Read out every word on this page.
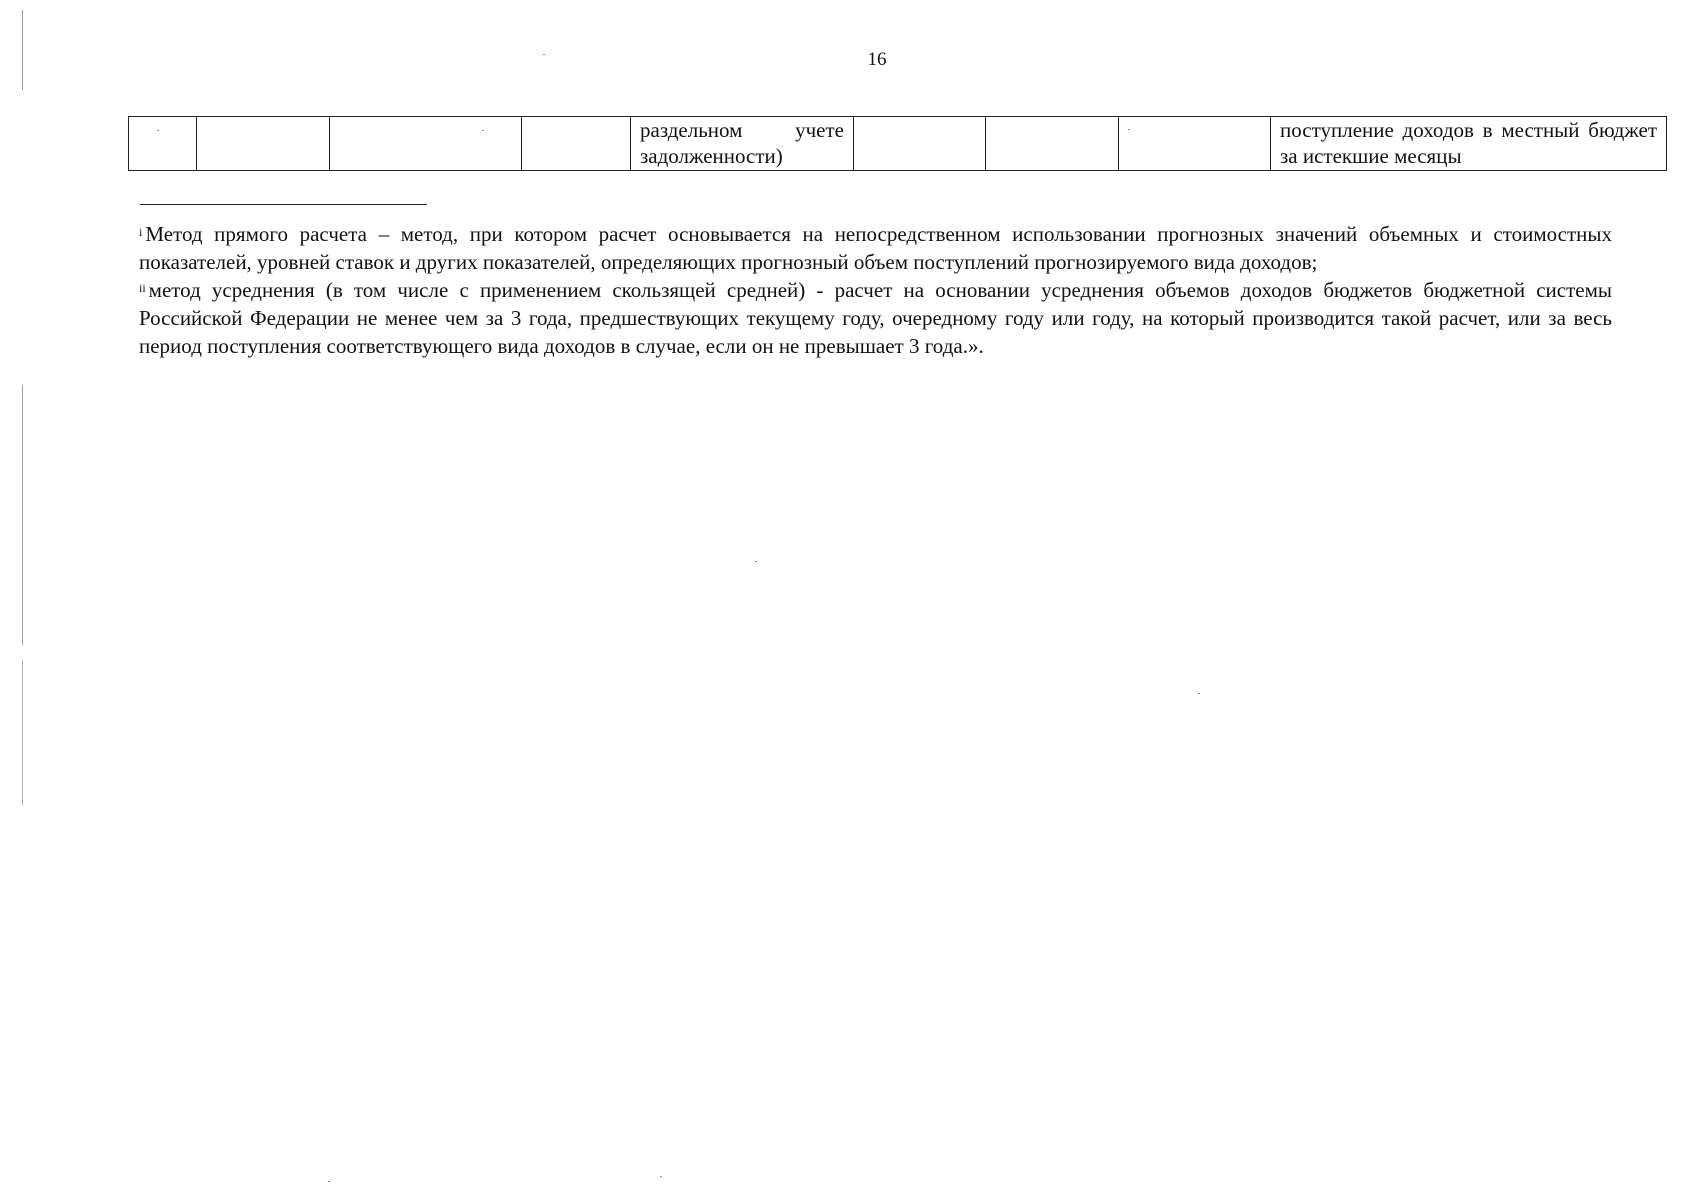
16
				раздельном учете задолженности)				поступление доходов в местный бюджет за истекшие месяцы

$^i$ Метод прямого расчета – метод, при котором расчет основывается на непосредственном использовании прогнозных значений объемных и стоимостных показателей, уровней ставок и других показателей, определяющих прогнозный объем поступлений прогнозируемого вида доходов;

$^{ii}$ метод усреднения (в том числе с применением скользящей средней) - расчет на основании усреднения объемов доходов бюджетов бюджетной системы Российской Федерации не менее чем за 3 года, предшествующих текущему году, очередному году или году, на который производится такой расчет, или за весь период поступления соответствующего вида доходов в случае, если он не превышает 3 года.».
